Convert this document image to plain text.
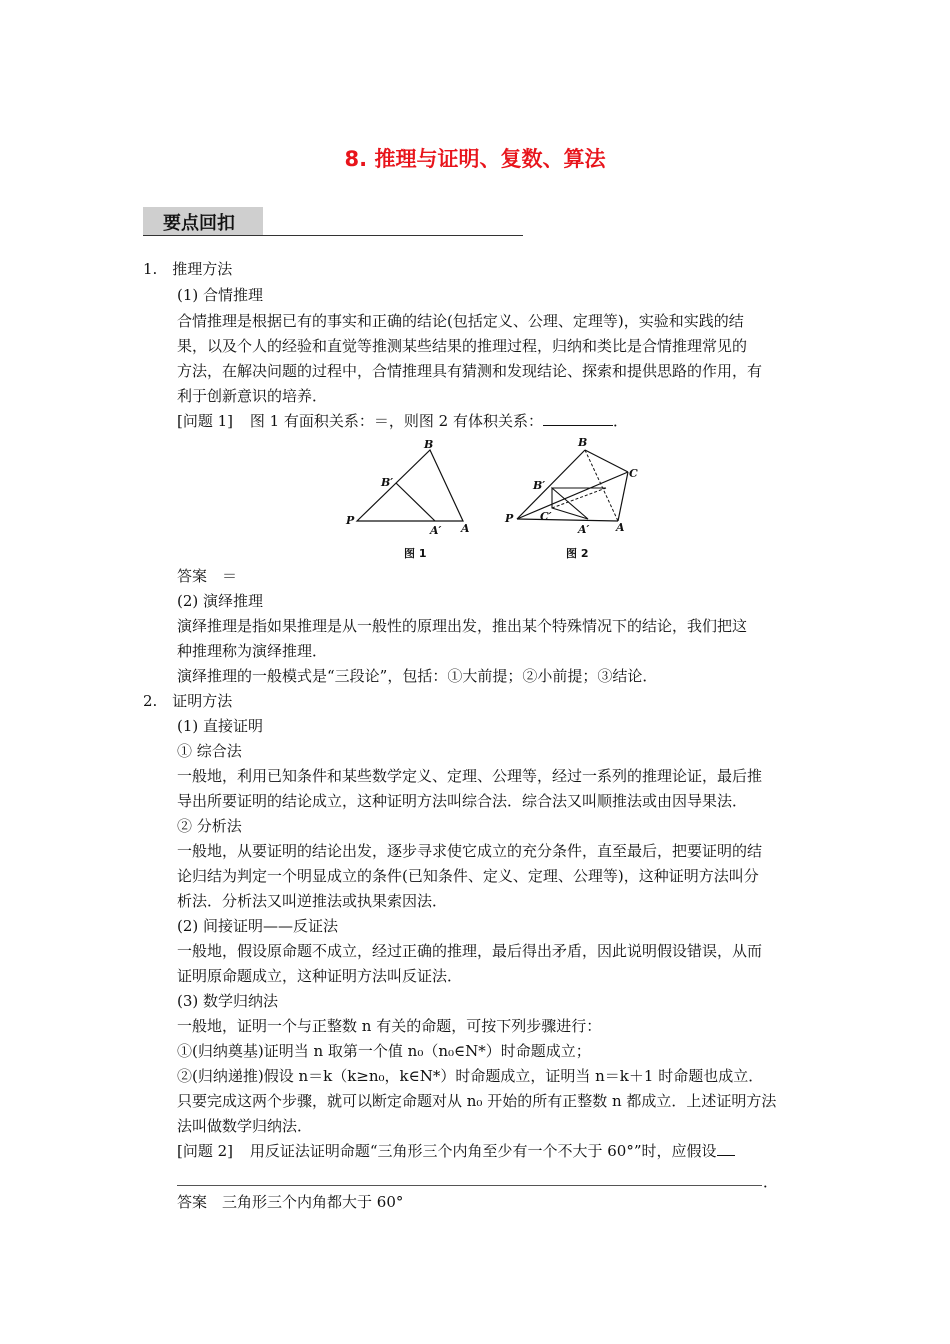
8. 推理与证明、复数、算法
要点回扣
1.　推理方法
(1) 合情推理
合情推理是根据已有的事实和正确的结论(包括定义、公理、定理等)，实验和实践的结
果，以及个人的经验和直觉等推测某些结果的推理过程，归纳和类比是合情推理常见的
方法，在解决问题的过程中，合情推理具有猜测和发现结论、探索和提供思路的作用，有
利于创新意识的培养．
[问题 1] 图 1 有面积关系：＝，则图 2 有体积关系：	．
B
B′
P
A′ A
图 1
B
B′
C
C′
P
A′ A
图 2
答案　＝
(2) 演绎推理
演绎推理是指如果推理是从一般性的原理出发，推出某个特殊情况下的结论，我们把这
种推理称为演绎推理．
演绎推理的一般模式是“三段论”，包括：①大前提；②小前提；③结论．
2.　证明方法
(1) 直接证明
① 综合法
一般地，利用已知条件和某些数学定义、定理、公理等，经过一系列的推理论证，最后推
导出所要证明的结论成立，这种证明方法叫综合法．综合法又叫顺推法或由因导果法．
② 分析法
一般地，从要证明的结论出发，逐步寻求使它成立的充分条件，直至最后，把要证明的结
论归结为判定一个明显成立的条件(已知条件、定义、定理、公理等)，这种证明方法叫分
析法．分析法又叫逆推法或执果索因法．
(2) 间接证明——反证法
一般地，假设原命题不成立，经过正确的推理，最后得出矛盾，因此说明假设错误，从而
证明原命题成立，这种证明方法叫反证法．
(3) 数学归纳法
一般地，证明一个与正整数 n 有关的命题，可按下列步骤进行：
①(归纳奠基)证明当 n 取第一个值 n₀（n₀∈N*）时命题成立；
②(归纳递推)假设 n＝k（k≥n₀，k∈N*）时命题成立，证明当 n＝k＋1 时命题也成立．
只要完成这两个步骤，就可以断定命题对从 n₀ 开始的所有正整数 n 都成立．上述证明方法
法叫做数学归纳法．
[问题 2] 用反证法证明命题“三角形三个内角至少有一个不大于 60°”时，应假设
．
答案　三角形三个内角都大于 60°
